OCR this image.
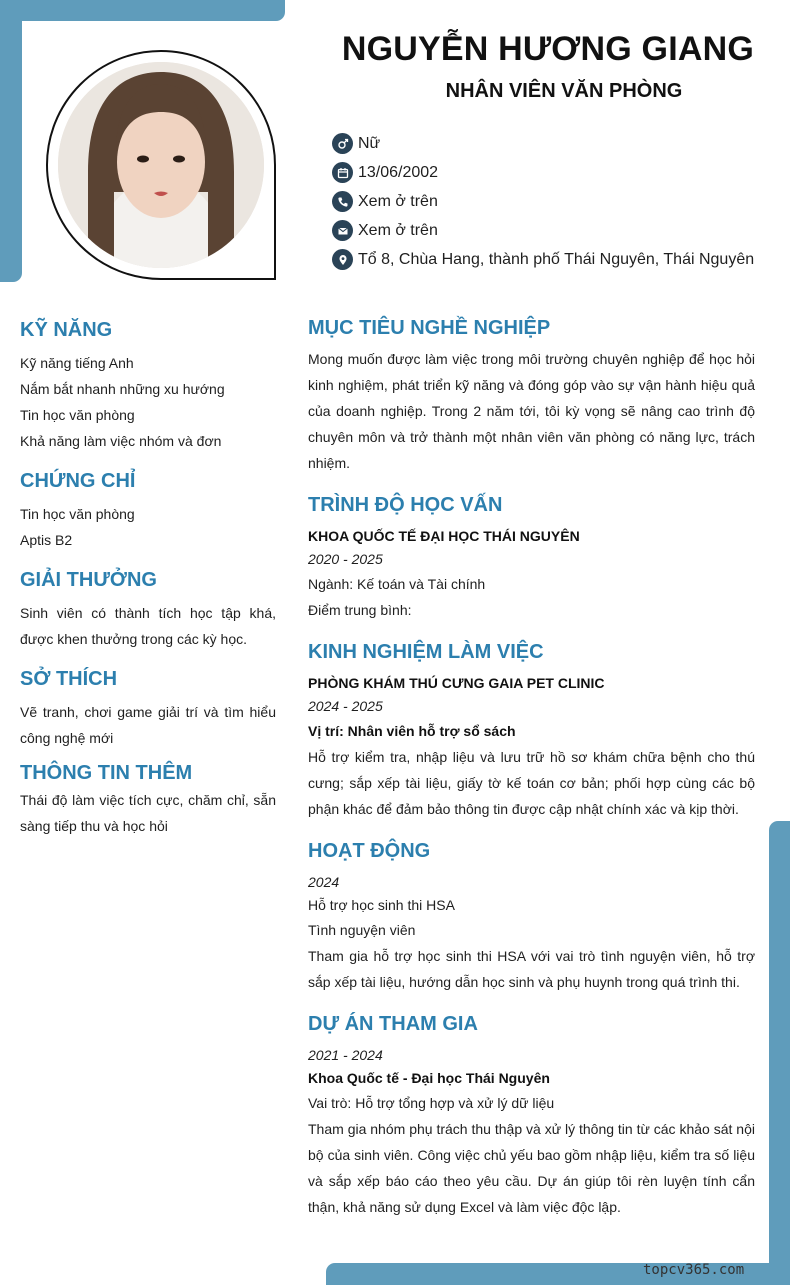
NGUYỄN HƯƠNG GIANG
NHÂN VIÊN VĂN PHÒNG
Nữ
13/06/2002
Xem ở trên
Xem ở trên
Tổ 8, Chùa Hang, thành phố Thái Nguyên, Thái Nguyên
KỸ NĂNG
Kỹ năng tiếng Anh
Nắm bắt nhanh những xu hướng
Tin học văn phòng
Khả năng làm việc nhóm và đơn
CHỨNG CHỈ
Tin học văn phòng
Aptis B2
GIẢI THƯỞNG
Sinh viên có thành tích học tập khá, được khen thưởng trong các kỳ học.
SỞ THÍCH
Vẽ tranh, chơi game giải trí và tìm hiểu công nghệ mới
THÔNG TIN THÊM
Thái độ làm việc tích cực, chăm chỉ, sẵn sàng tiếp thu và học hỏi
MỤC TIÊU NGHỀ NGHIỆP
Mong muốn được làm việc trong môi trường chuyên nghiệp để học hỏi kinh nghiệm, phát triển kỹ năng và đóng góp vào sự vận hành hiệu quả của doanh nghiệp. Trong 2 năm tới, tôi kỳ vọng sẽ nâng cao trình độ chuyên môn và trở thành một nhân viên văn phòng có năng lực, trách nhiệm.
TRÌNH ĐỘ HỌC VẤN
KHOA QUỐC TẾ ĐẠI HỌC THÁI NGUYÊN
2020 - 2025
Ngành: Kế toán và Tài chính
Điểm trung bình:
KINH NGHIỆM LÀM VIỆC
PHÒNG KHÁM THÚ CƯNG GAIA PET CLINIC
2024 - 2025
Vị trí: Nhân viên hỗ trợ sổ sách
Hỗ trợ kiểm tra, nhập liệu và lưu trữ hồ sơ khám chữa bệnh cho thú cưng; sắp xếp tài liệu, giấy tờ kế toán cơ bản; phối hợp cùng các bộ phận khác để đảm bảo thông tin được cập nhật chính xác và kịp thời.
HOẠT ĐỘNG
2024
Hỗ trợ học sinh thi HSA
Tình nguyện viên
Tham gia hỗ trợ học sinh thi HSA với vai trò tình nguyện viên, hỗ trợ sắp xếp tài liệu, hướng dẫn học sinh và phụ huynh trong quá trình thi.
DỰ ÁN THAM GIA
2021 - 2024
Khoa Quốc tế - Đại học Thái Nguyên
Vai trò: Hỗ trợ tổng hợp và xử lý dữ liệu
Tham gia nhóm phụ trách thu thập và xử lý thông tin từ các khảo sát nội bộ của sinh viên. Công việc chủ yếu bao gồm nhập liệu, kiểm tra số liệu và sắp xếp báo cáo theo yêu cầu. Dự án giúp tôi rèn luyện tính cẩn thận, khả năng sử dụng Excel và làm việc độc lập.
topcv365.com
